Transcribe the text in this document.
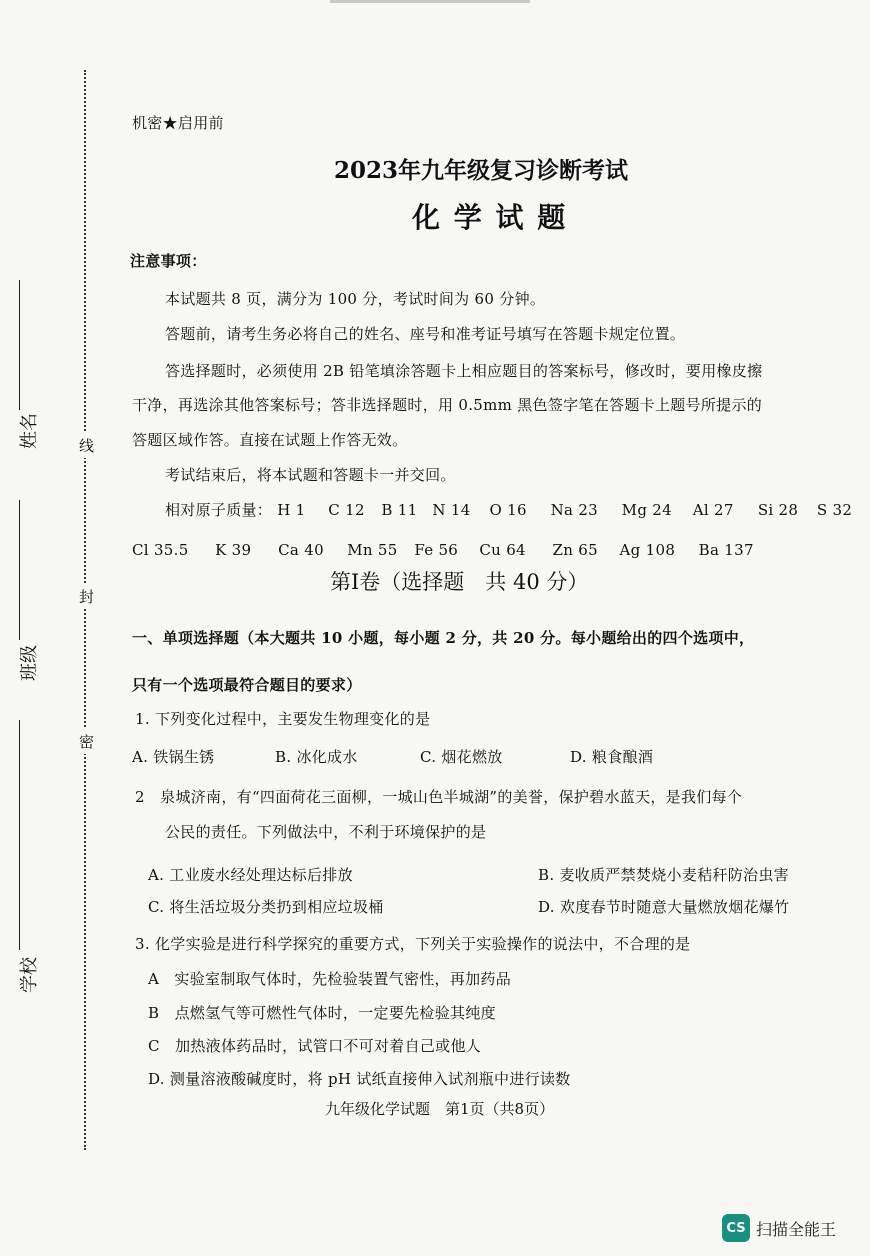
线
封
密
姓名
班级
学校
机密★启用前
2023年九年级复习诊断考试
化 学 试 题
注意事项：
本试题共 8 页，满分为 100 分，考试时间为 60 分钟。
答题前，请考生务必将自己的姓名、座号和准考证号填写在答题卡规定位置。
答选择题时，必须使用 2B 铅笔填涂答题卡上相应题目的答案标号，修改时，要用橡皮擦
干净，再选涂其他答案标号；答非选择题时，用 0.5mm 黑色签字笔在答题卡上题号所提示的
答题区域作答。直接在试题上作答无效。
考试结束后，将本试题和答题卡一并交回。
相对原子质量： H 1 C 12 B 11 N 14 O 16 Na 23 Mg 24 Al 27 Si 28 S 32
Cl 35.5 K 39 Ca 40 Mn 55 Fe 56 Cu 64 Zn 65 Ag 108 Ba 137
第Ⅰ卷（选择题　共 40 分）
一、单项选择题（本大题共 10 小题，每小题 2 分，共 20 分。每小题给出的四个选项中，
只有一个选项最符合题目的要求）
1. 下列变化过程中，主要发生物理变化的是
A. 铁锅生锈	B. 冰化成水	C. 烟花燃放	D. 粮食酿酒
2　泉城济南，有“四面荷花三面柳，一城山色半城湖”的美誉，保护碧水蓝天，是我们每个
公民的责任。下列做法中，不利于环境保护的是
A. 工业废水经处理达标后排放	B. 麦收质严禁焚烧小麦秸秆防治虫害
C. 将生活垃圾分类扔到相应垃圾桶	D. 欢度春节时随意大量燃放烟花爆竹
3. 化学实验是进行科学探究的重要方式，下列关于实验操作的说法中，不合理的是
A　实验室制取气体时，先检验装置气密性，再加药品
B　点燃氢气等可燃性气体时，一定要先检验其纯度
C　加热液体药品时，试管口不可对着自己或他人
D. 测量溶液酸碱度时，将 pH 试纸直接伸入试剂瓶中进行读数
九年级化学试题　第1页（共8页）
CS 扫描全能王
